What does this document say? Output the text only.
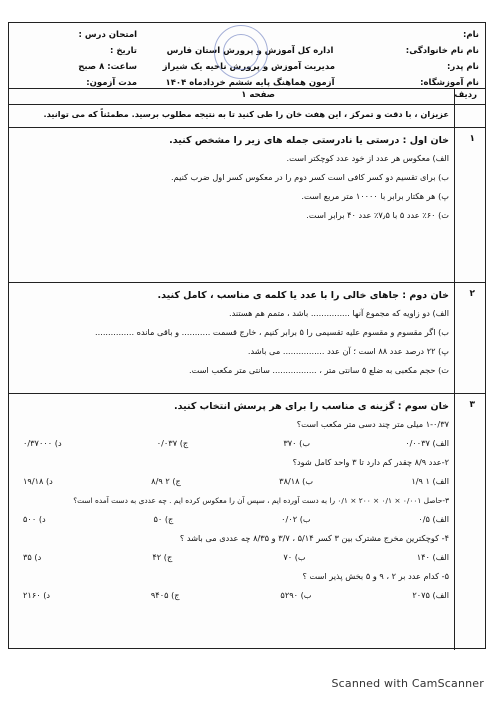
نام:
نام نام خانوادگی:
نام پدر:
نام آموزشگاه:
اداره کل آموزش و پرورش استان فارس
مدیریت آموزش و پرورش ناحیه یک شیراز
آزمون هماهنگ پایه ششم خردادماه ۱۴۰۴
امتحان درس :
تاریخ :
ساعت: ۸ صبح
مدت آزمون:
ردیف
صفحه ۱
عزیزان ، با دقت و تمرکز ، این هفت خان را طی کنید تا به نتیجه مطلوب برسید. مطمئناً که می توانید.
۱
خان اول : درستی یا نادرستی جمله های زیر را مشخص کنید.
الف) معکوس هر عدد از خود عدد کوچکتر است.
ب) برای تقسیم دو کسر کافی است کسر دوم را در معکوس کسر اول ضرب کنیم.
پ) هر هکتار برابر با ۱۰۰۰۰ متر مربع است.
ت) ۶۰٪ عدد ۵ با ۷٫۵٪ عدد ۴۰ برابر است.
۲
خان دوم : جاهای خالی را با عدد یا کلمه ی مناسب ، کامل کنید.
الف) دو زاویه که مجموع آنها ............... باشد ، متمم هم هستند.
ب) اگر مقسوم و مقسوم علیه تقسیمی را ۵ برابر کنیم ، خارج قسمت ........... و باقی مانده ...............
پ) ۲۲ درصد عدد ۸۸ است ؛ آن عدد ................ می باشد.
ت) حجم مکعبی به ضلع ۵ سانتی متر ، ................. سانتی متر مکعب است.
۳
خان سوم : گزینه ی مناسب را برای هر پرسش انتخاب کنید.
۱-۰/۳۷ میلی متر چند دسی متر مکعب است؟
الف) ۰/۰۰۳۷
ب) ۳۷۰
ج) ۰/۰۳۷
د) ۰/۳۷۰۰۰
۲-عدد ۸/۹ چقدر کم دارد تا ۳ واحد کامل شود؟
الف) ۱ ۱/۹
ب) ۳۸/۱۸
ج) ۲ ۸/۹
د) ۱۹/۱۸
۳-حاصل ۰/۰۰۱ × ۰/۱ × ۲۰۰ × ۰/۱ را به دست آورده ایم ، سپس آن را معکوس کرده ایم . چه عددی به دست آمده است؟
الف) ۰/۵
ب) ۰/۰۲
ج) ۵۰
د) ۵۰۰
۴- کوچکترین مخرج مشترک بین ۳ کسر ۵/۱۴ ، ۳/۷ و ۸/۳۵ چه عددی می باشد ؟
الف) ۱۴۰
ب) ۷۰
ج) ۴۲
د) ۳۵
۵- کدام عدد بر ۲ ، ۹ و ۵ بخش پذیر است ؟
الف) ۲۰۷۵
ب) ۵۲۹۰
ج) ۹۴۰۵
د) ۲۱۶۰
Scanned with CamScanner
